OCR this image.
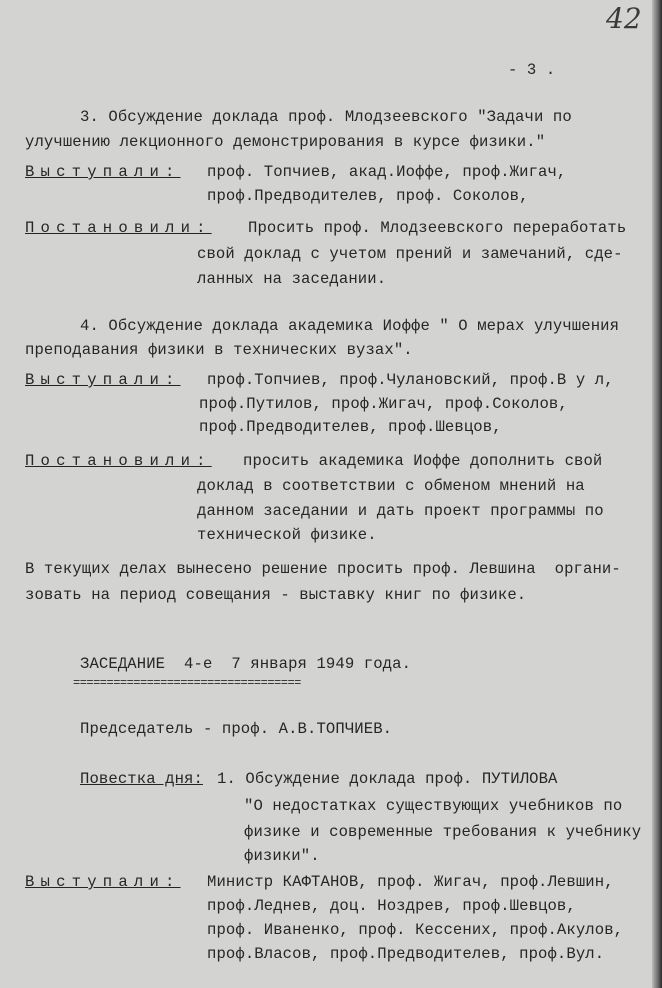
42
- 3 .
3. Обсуждение доклада проф. Млодзеевского "Задачи по
улучшению лекционного демонстрирования в курсе физики."
Выступали: проф. Топчиев, акад.Иоффе, проф.Жигач,
проф.Предводителев, проф. Соколов,
Постановили: Просить проф. Млодзеевского переработать
свой доклад с учетом прений и замечаний, сде-
ланных на заседании.
4. Обсуждение доклада академика Иоффе " О мерах улучшения
преподавания физики в технических вузах".
Выступали: проф.Топчиев, проф.Чулановский, проф.В у л,
проф.Путилов, проф.Жигач, проф.Соколов,
проф.Предводителев, проф.Шевцов,
Постановили: просить академика Иоффе дополнить свой
доклад в соответствии с обменом мнений на
данном заседании и дать проект программы по
технической физике.
В текущих делах вынесено решение просить проф. Левшина  органи-
зовать на период совещания - выставку книг по физике.
ЗАСЕДАНИЕ  4-е  7 января 1949 года.
==================================
Председатель - проф. А.В.ТОПЧИЕВ.
Повестка дня: 1. Обсуждение доклада проф. ПУТИЛОВА
"О недостатках существующих учебников по
физике и современные требования к учебнику
физики".
Выступали: Министр КАФТАНОВ, проф. Жигач, проф.Левшин,
проф.Леднев, доц. Ноздрев, проф.Шевцов,
проф. Иваненко, проф. Кессених, проф.Акулов,
проф.Власов, проф.Предводителев, проф.Вул.
